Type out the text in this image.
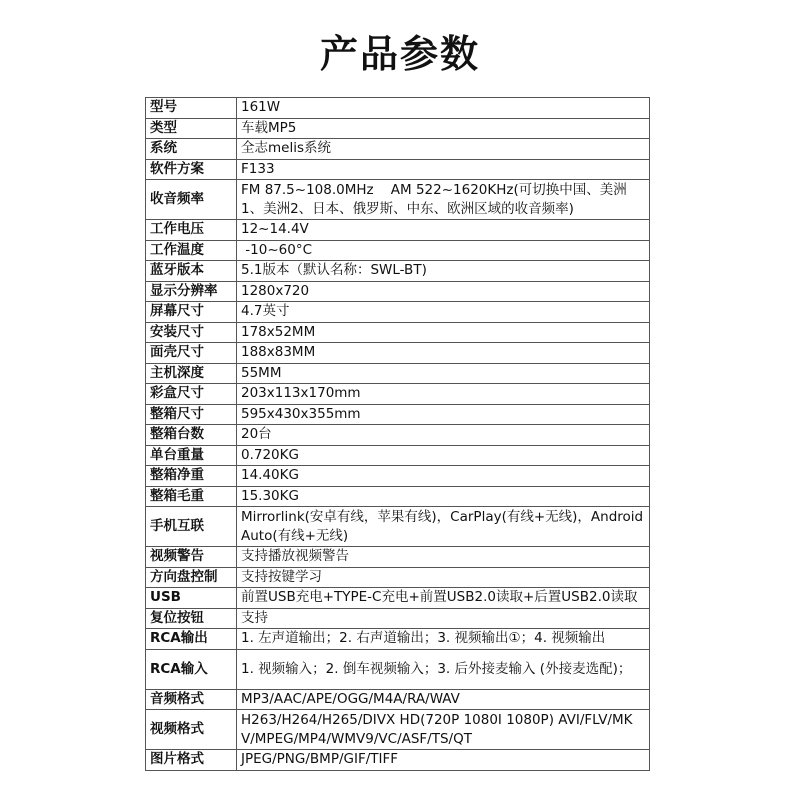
产品参数
型号	161W
类型	车载MP5
系统	全志melis系统
软件方案	F133
收音频率	FM 87.5~108.0MHz    AM 522~1620KHz(可切换中国、美洲1、美洲2、日本、俄罗斯、中东、欧洲区域的收音频率)
工作电压	12~14.4V
工作温度	-10~60°C
蓝牙版本	5.1版本（默认名称：SWL-BT)
显示分辨率	1280x720
屏幕尺寸	4.7英寸
安装尺寸	178x52MM
面壳尺寸	188x83MM
主机深度	55MM
彩盒尺寸	203x113x170mm
整箱尺寸	595x430x355mm
整箱台数	20台
单台重量	0.720KG
整箱净重	14.40KG
整箱毛重	15.30KG
手机互联	Mirrorlink(安卓有线，苹果有线)，CarPlay(有线+无线)，Android Auto(有线+无线)
视频警告	支持播放视频警告
方向盘控制	支持按键学习
USB	前置USB充电+TYPE-C充电+前置USB2.0读取+后置USB2.0读取
复位按钮	支持
RCA输出	1. 左声道输出；2. 右声道输出；3. 视频输出①；4. 视频输出
RCA输入	1. 视频输入；2. 倒车视频输入；3. 后外接麦输入 (外接麦选配)；
音频格式	MP3/AAC/APE/OGG/M4A/RA/WAV
视频格式	H263/H264/H265/DIVX HD(720P 1080I 1080P) AVI/FLV/MKV/MPEG/MP4/WMV9/VC/ASF/TS/QT
图片格式	JPEG/PNG/BMP/GIF/TIFF
